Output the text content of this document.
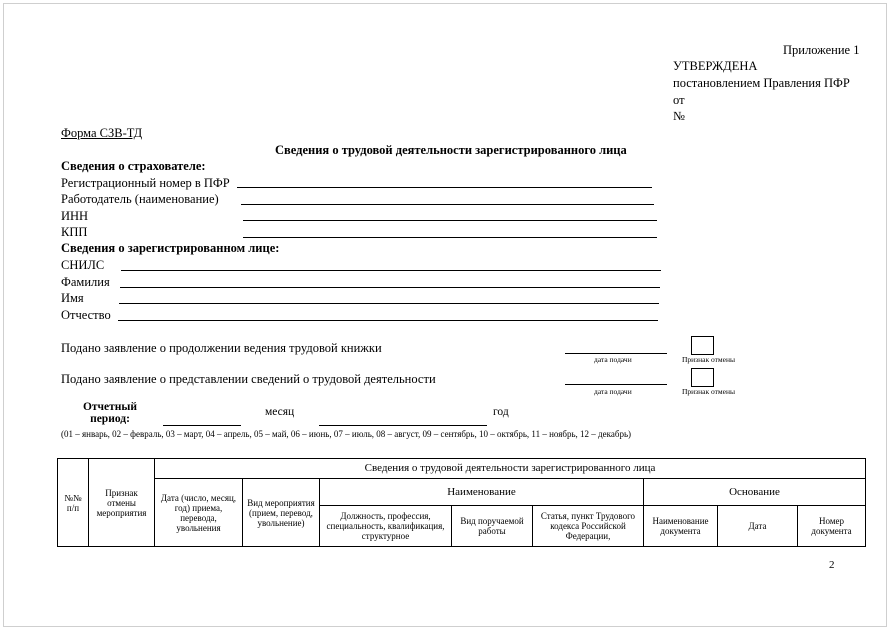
Приложение 1
УТВЕРЖДЕНА
постановлением Правления ПФР
от
№
Форма СЗВ-ТД
Сведения о трудовой деятельности зарегистрированного лица
Сведения о страхователе:
Регистрационный номер в ПФР
Работодатель (наименование)
ИНН
КПП
Сведения о зарегистрированном лице:
СНИЛС
Фамилия
Имя
Отчество
Подано заявление о продолжении ведения трудовой книжки
дата подачи	Признак отмены
Подано заявление о представлении сведений о трудовой деятельности
дата подачи	Признак отмены
Отчетный
период:
месяц	год
(01 – январь, 02 – февраль, 03 – март, 04 – апрель, 05 – май, 06 – июнь, 07 – июль, 08 – август, 09 – сентябрь, 10 – октябрь, 11 – ноябрь, 12 – декабрь)
№№ п/п	Признак отмены мероприятия	Сведения о трудовой деятельности зарегистрированного лица							
		Дата (число, месяц, год) приема, перевода, увольнения	Вид мероприятия (прием, перевод, увольнение)	Наименование			Основание		
				Должность, профессия, специальность, квалификация, структурное	Вид поручаемой работы	Статья, пункт Трудового кодекса Российской Федерации,	Наименование документа	Дата	Номер документа
2
